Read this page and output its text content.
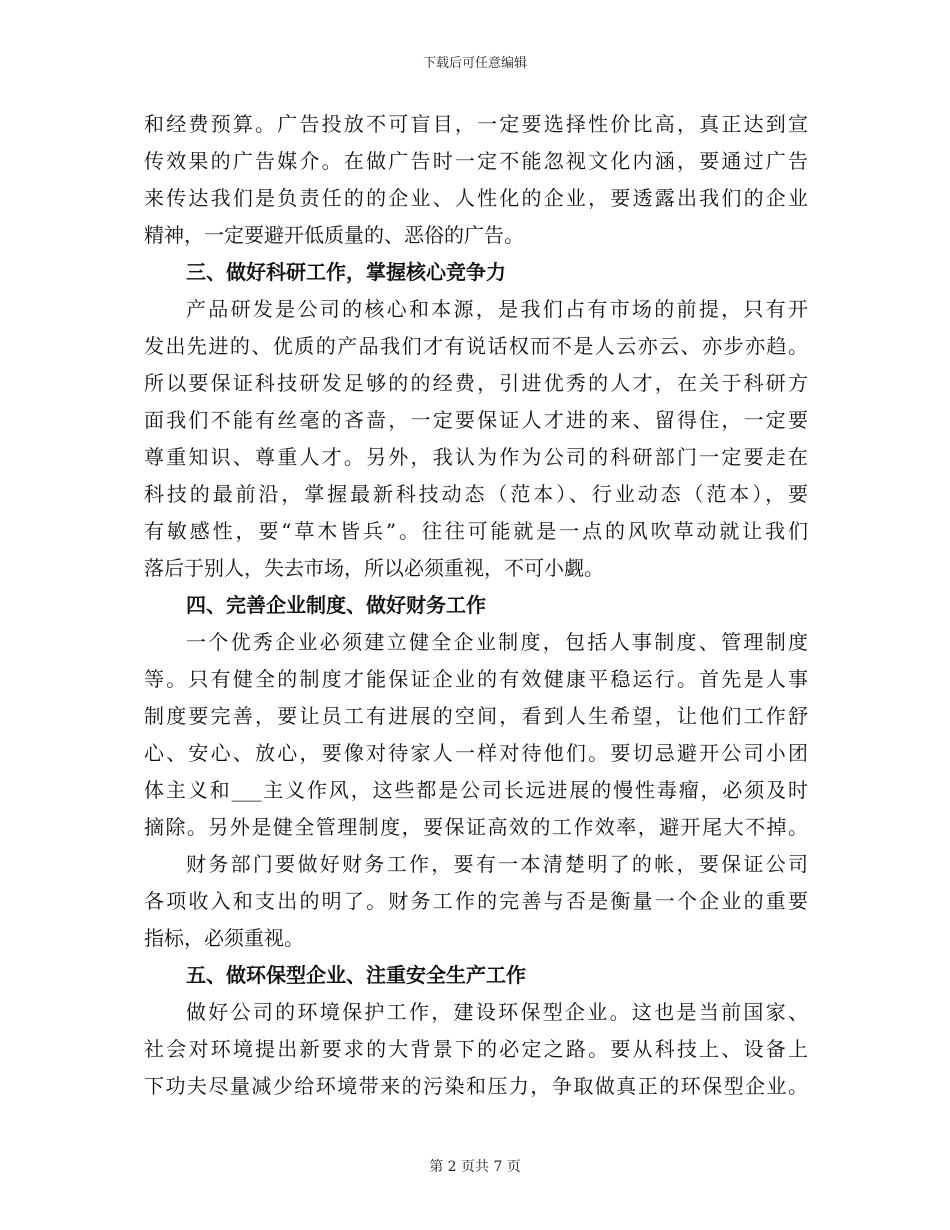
下载后可任意编辑
和经费预算。广告投放不可盲目，一定要选择性价比高，真正达到宣
传效果的广告媒介。在做广告时一定不能忽视文化内涵，要通过广告
来传达我们是负责任的的企业、人性化的企业，要透露出我们的企业
精神，一定要避开低质量的、恶俗的广告。
三、做好科研工作，掌握核心竞争力
产品研发是公司的核心和本源，是我们占有市场的前提，只有开
发出先进的、优质的产品我们才有说话权而不是人云亦云、亦步亦趋。
所以要保证科技研发足够的的经费，引进优秀的人才，在关于科研方
面我们不能有丝毫的吝啬，一定要保证人才进的来、留得住，一定要
尊重知识、尊重人才。另外，我认为作为公司的科研部门一定要走在
科技的最前沿，掌握最新科技动态（范本）、行业动态（范本），要
有敏感性，要“草木皆兵”。往往可能就是一点的风吹草动就让我们
落后于别人，失去市场，所以必须重视，不可小觑。
四、完善企业制度、做好财务工作
一个优秀企业必须建立健全企业制度，包括人事制度、管理制度
等。只有健全的制度才能保证企业的有效健康平稳运行。首先是人事
制度要完善，要让员工有进展的空间，看到人生希望，让他们工作舒
心、安心、放心，要像对待家人一样对待他们。要切忌避开公司小团
体主义和___主义作风，这些都是公司长远进展的慢性毒瘤，必须及时
摘除。另外是健全管理制度，要保证高效的工作效率，避开尾大不掉。
财务部门要做好财务工作，要有一本清楚明了的帐，要保证公司
各项收入和支出的明了。财务工作的完善与否是衡量一个企业的重要
指标，必须重视。
五、做环保型企业、注重安全生产工作
做好公司的环境保护工作，建设环保型企业。这也是当前国家、
社会对环境提出新要求的大背景下的必定之路。要从科技上、设备上
下功夫尽量减少给环境带来的污染和压力，争取做真正的环保型企业。
第 2 页共 7 页
